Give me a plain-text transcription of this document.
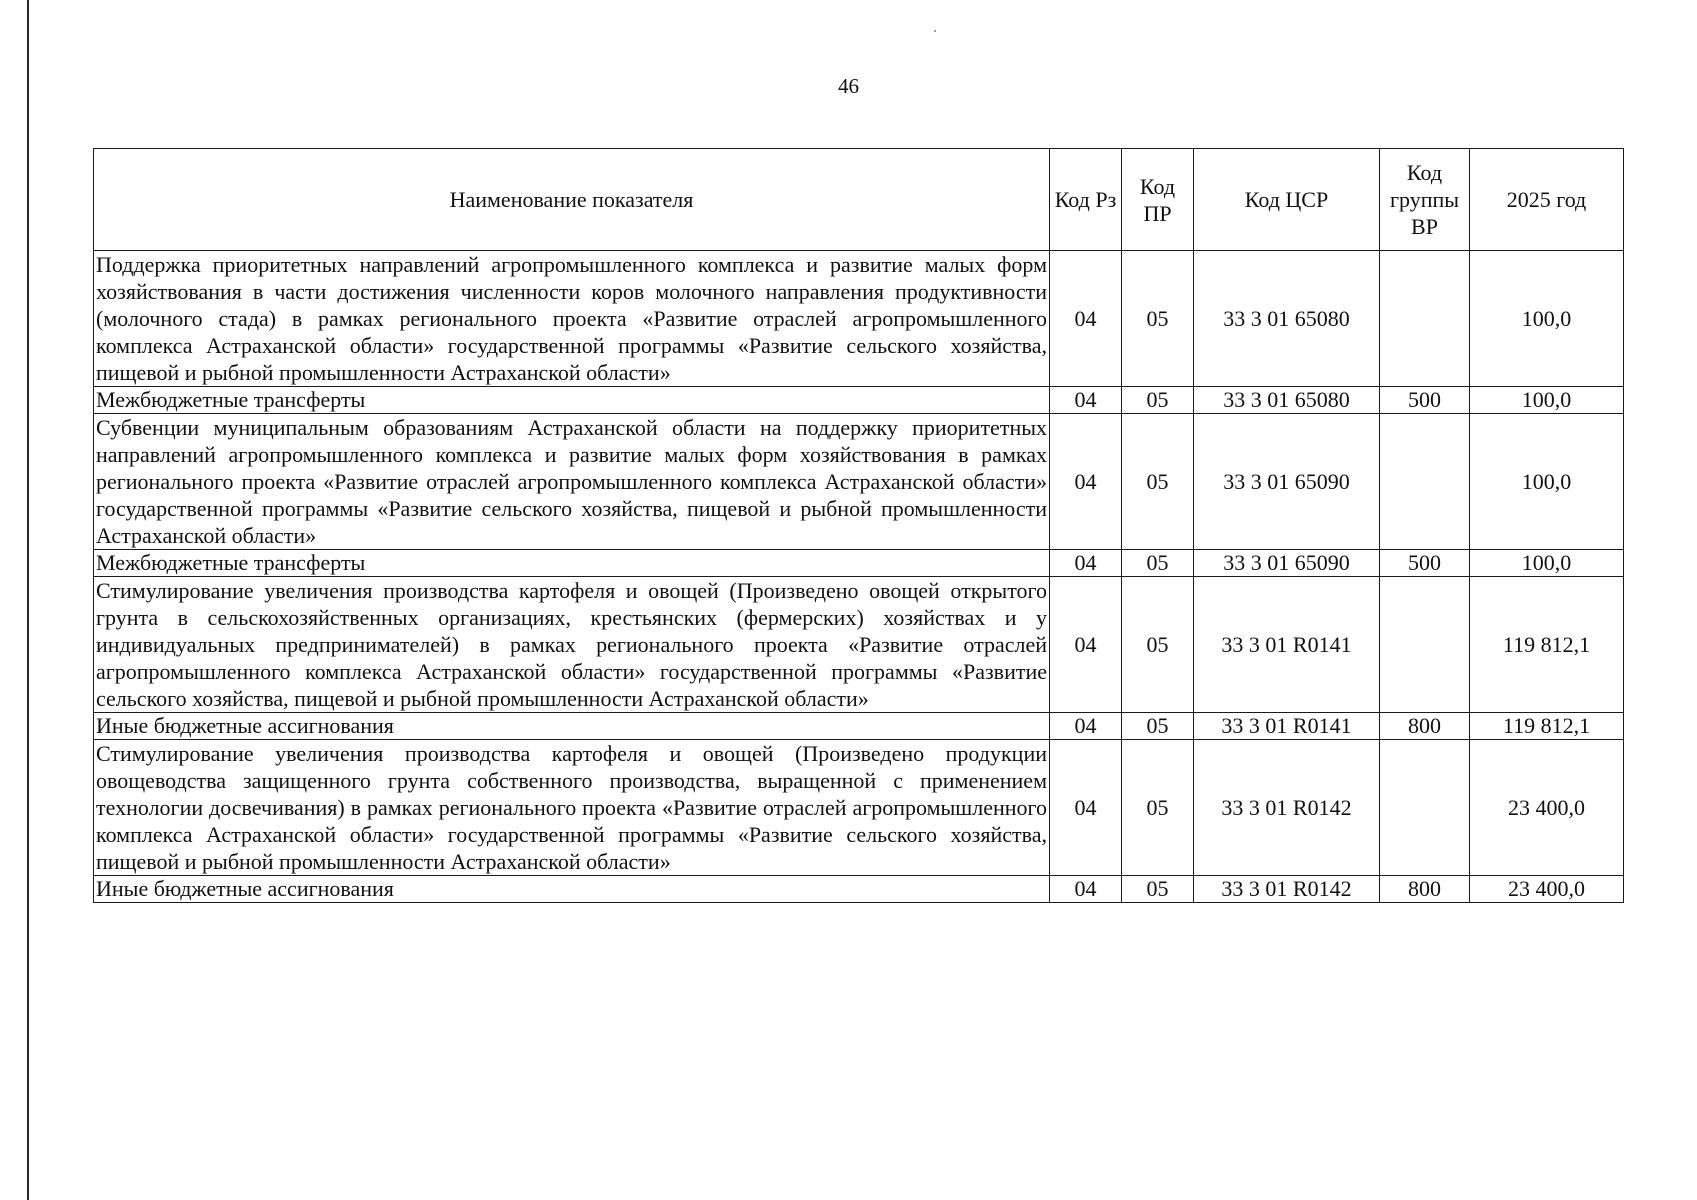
46
Наименование показателя	Код Рз	Код ПР	Код ЦСР	Код группы ВР	2025 год
Поддержка приоритетных направлений агропромышленного комплекса и развитие малых форм хозяйствования в части достижения численности коров молочного направления продуктивности (молочного стада) в рамках регионального проекта «Развитие отраслей агропромышленного комплекса Астраханской области» государственной программы «Развитие сельского хозяйства, пищевой и рыбной промышленности Астраханской области»	04	05	33 3 01 65080		100,0
Межбюджетные трансферты	04	05	33 3 01 65080	500	100,0
Субвенции муниципальным образованиям Астраханской области на поддержку приоритетных направлений агропромышленного комплекса и развитие малых форм хозяйствования в рамках регионального проекта «Развитие отраслей агропромышленного комплекса Астраханской области» государственной программы «Развитие сельского хозяйства, пищевой и рыбной промышленности Астраханской области»	04	05	33 3 01 65090		100,0
Межбюджетные трансферты	04	05	33 3 01 65090	500	100,0
Стимулирование увеличения производства картофеля и овощей (Произведено овощей открытого грунта в сельскохозяйственных организациях, крестьянских (фермерских) хозяйствах и у индивидуальных предпринимателей) в рамках регионального проекта «Развитие отраслей агропромышленного комплекса Астраханской области» государственной программы «Развитие сельского хозяйства, пищевой и рыбной промышленности Астраханской области»	04	05	33 3 01 R0141		119 812,1
Иные бюджетные ассигнования	04	05	33 3 01 R0141	800	119 812,1
Стимулирование увеличения производства картофеля и овощей (Произведено продукции овощеводства защищенного грунта собственного производства, выращенной с применением технологии досвечивания) в рамках регионального проекта «Развитие отраслей агропромышленного комплекса Астраханской области» государственной программы «Развитие сельского хозяйства, пищевой и рыбной промышленности Астраханской области»	04	05	33 3 01 R0142		23 400,0
Иные бюджетные ассигнования	04	05	33 3 01 R0142	800	23 400,0
